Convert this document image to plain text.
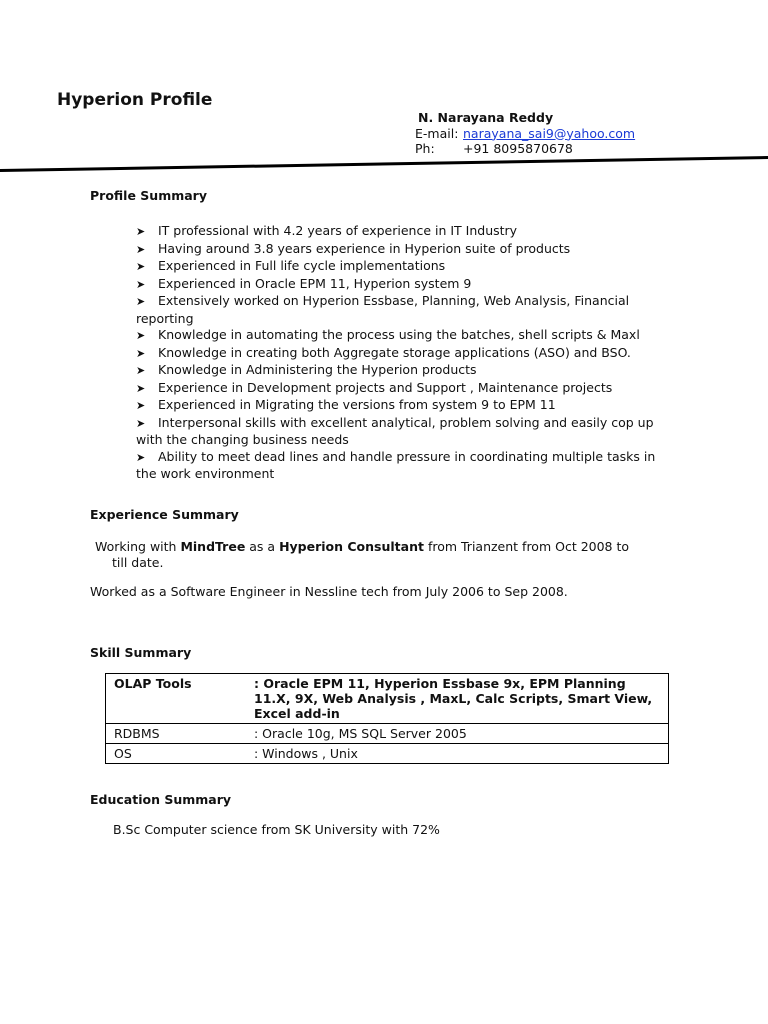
Hyperion Profile
N. Narayana Reddy
E-mail: narayana_sai9@yahoo.com
Ph:	+91 8095870678
Profile Summary
➤ IT professional with 4.2 years of experience in IT Industry
➤ Having around 3.8 years experience in Hyperion suite of products
➤ Experienced in Full life cycle implementations
➤ Experienced in Oracle EPM 11, Hyperion system 9
➤ Extensively worked on Hyperion Essbase, Planning, Web Analysis, Financial reporting
➤ Knowledge in automating the process using the batches, shell scripts & Maxl
➤ Knowledge in creating both Aggregate storage applications (ASO) and BSO.
➤ Knowledge in Administering the Hyperion products
➤ Experience in Development projects and Support , Maintenance projects
➤ Experienced in Migrating the versions from system 9 to EPM 11
➤ Interpersonal skills with excellent analytical, problem solving and easily cop up with the changing business needs
➤ Ability to meet dead lines and handle pressure in coordinating multiple tasks in the work environment
Experience Summary
Working with MindTree as a Hyperion Consultant from Trianzent from Oct 2008 to
till date.
Worked as a Software Engineer in Nessline tech from July 2006 to Sep 2008.
Skill Summary
OLAP Tools	: Oracle EPM 11, Hyperion Essbase 9x, EPM Planning 11.X, 9X, Web Analysis , MaxL, Calc Scripts, Smart View, Excel add-in
RDBMS	: Oracle 10g, MS SQL Server 2005
OS	: Windows , Unix
Education Summary
B.Sc Computer science from SK University with 72%
